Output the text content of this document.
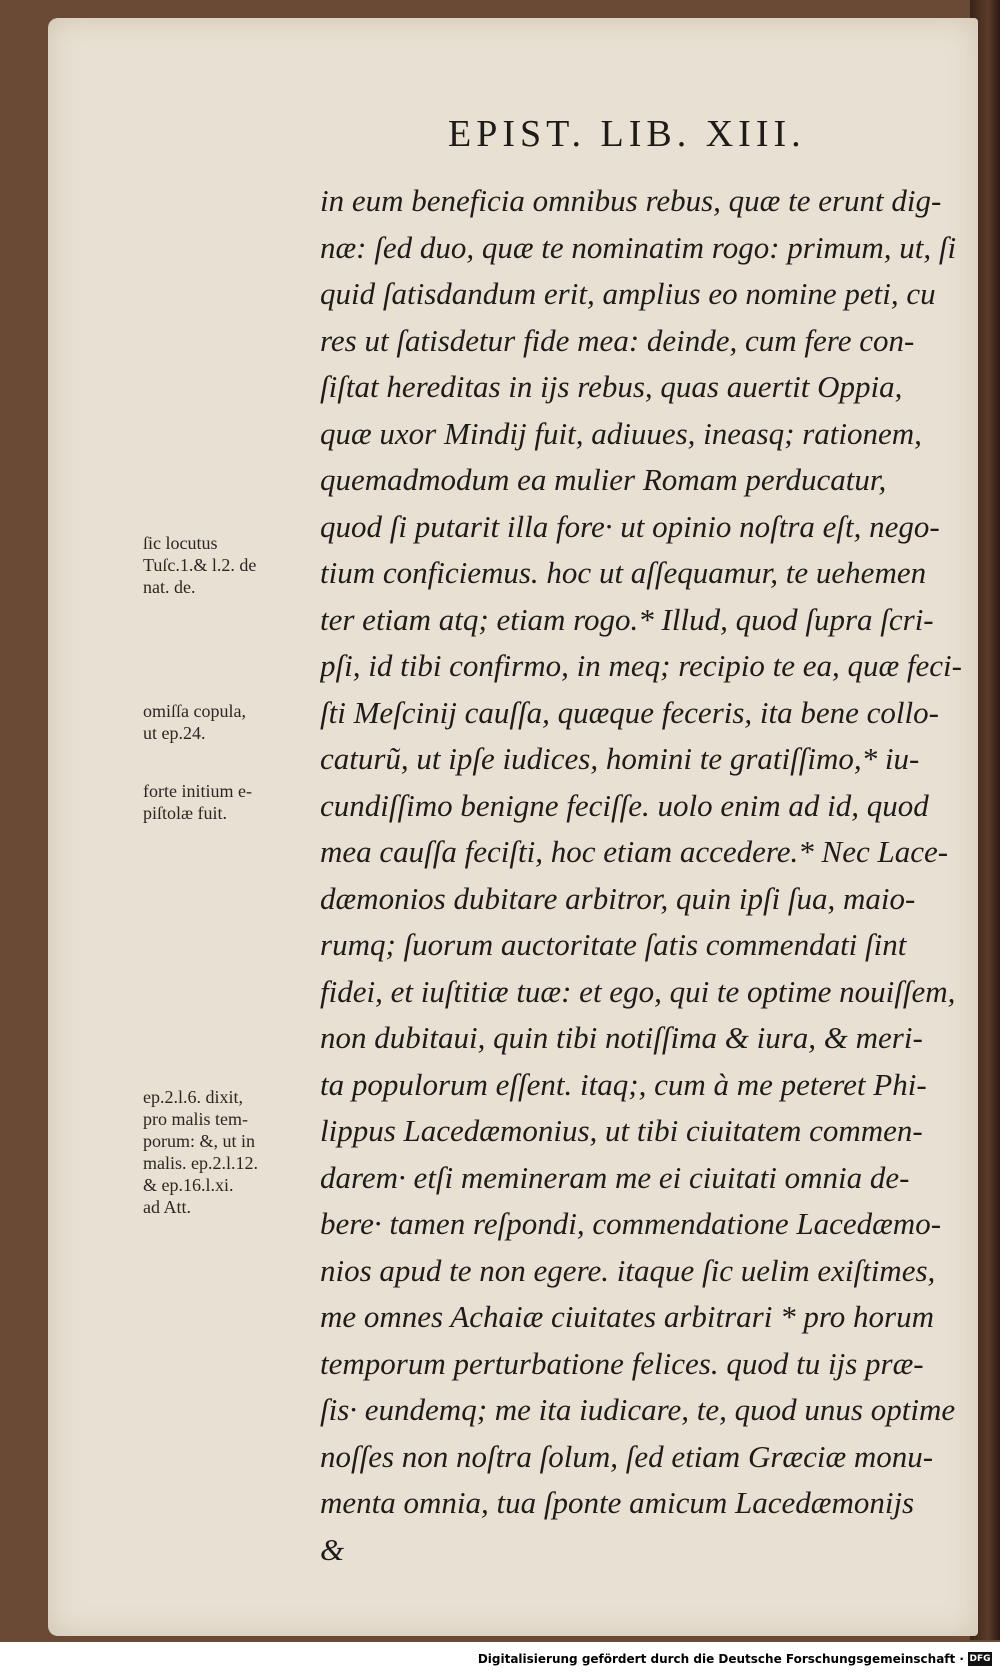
EPIST. LIB. XIII.
in eum beneficia omnibus rebus, quæ te erunt dig-
næ: ſed duo, quæ te nominatim rogo: primum, ut, ſi
quid ſatisdandum erit, amplius eo nomine peti, cu
res ut ſatisdetur fide mea: deinde, cum fere con-
ſiſtat hereditas in ijs rebus, quas auertit Oppia,
quæ uxor Mindij fuit, adiuues, ineasq; rationem,
quemadmodum ea mulier Romam perducatur,
quod ſi putarit illa fore· ut opinio noſtra eſt, nego-
tium conficiemus. hoc ut aſſequamur, te uehemen
ter etiam atq; etiam rogo.* Illud, quod ſupra ſcri-
pſi, id tibi confirmo, in meq; recipio te ea, quæ feci-
ſti Meſcinij cauſſa, quæque feceris, ita bene collo-
caturũ, ut ipſe iudices, homini te gratiſſimo,* iu-
cundiſſimo benigne feciſſe. uolo enim ad id, quod
mea cauſſa feciſti, hoc etiam accedere.* Nec Lace-
dæmonios dubitare arbitror, quin ipſi ſua, maio-
rumq; ſuorum auctoritate ſatis commendati ſint
fidei, et iuſtitiæ tuæ: et ego, qui te optime nouiſſem,
non dubitaui, quin tibi notiſſima & iura, & meri-
ta populorum eſſent. itaq;, cum à me peteret Phi-
lippus Lacedæmonius, ut tibi ciuitatem commen-
darem· etſi memineram me ei ciuitati omnia de-
bere· tamen reſpondi, commendatione Lacedæmo-
nios apud te non egere. itaque ſic uelim exiſtimes,
me omnes Achaiæ ciuitates arbitrari * pro horum
temporum perturbatione felices. quod tu ijs præ-
ſis· eundemq; me ita iudicare, te, quod unus optime
noſſes non noſtra ſolum, ſed etiam Græciæ monu-
menta omnia, tua ſponte amicum Lacedæmonijs
&
ſic locutus
Tuſc.1.& l.2. de
nat. de.
omiſſa copula,
ut ep.24.
forte initium e-
piſtolæ fuit.
ep.2.l.6. dixit,
pro malis tem-
porum: &, ut in
malis. ep.2.l.12.
& ep.16.l.xi.
ad Att.
Digitalisierung gefördert durch die Deutsche Forschungsgemeinschaft · DFG
